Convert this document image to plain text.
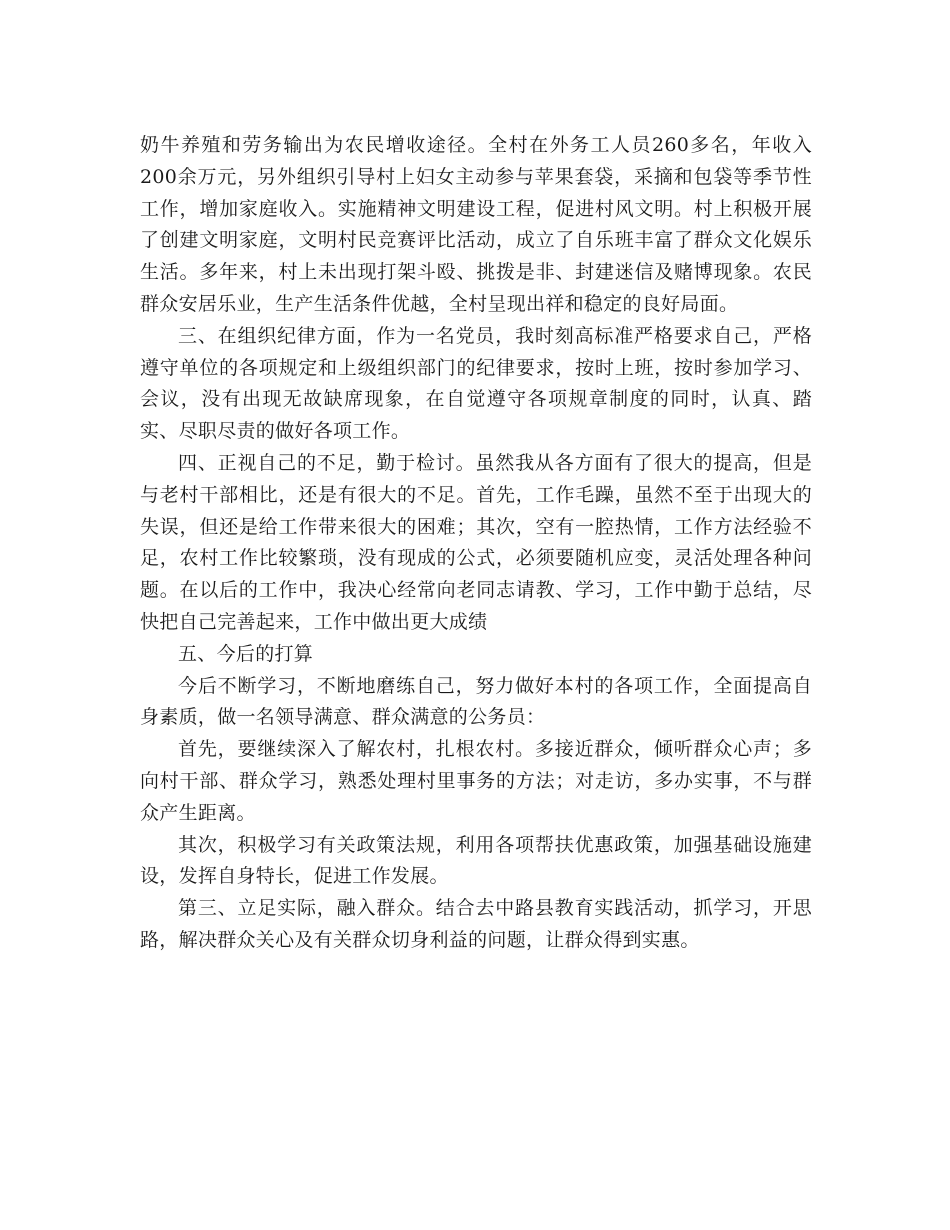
奶牛养殖和劳务输出为农民增收途径。全村在外务工人员260多名，年收入200余万元，另外组织引导村上妇女主动参与苹果套袋，采摘和包袋等季节性工作，增加家庭收入。实施精神文明建设工程，促进村风文明。村上积极开展了创建文明家庭，文明村民竞赛评比活动，成立了自乐班丰富了群众文化娱乐生活。多年来，村上未出现打架斗殴、挑拨是非、封建迷信及赌博现象。农民群众安居乐业，生产生活条件优越，全村呈现出祥和稳定的良好局面。

三、在组织纪律方面，作为一名党员，我时刻高标准严格要求自己，严格遵守单位的各项规定和上级组织部门的纪律要求，按时上班，按时参加学习、会议，没有出现无故缺席现象，在自觉遵守各项规章制度的同时，认真、踏实、尽职尽责的做好各项工作。

四、正视自己的不足，勤于检讨。虽然我从各方面有了很大的提高，但是与老村干部相比，还是有很大的不足。首先，工作毛躁，虽然不至于出现大的失误，但还是给工作带来很大的困难；其次，空有一腔热情，工作方法经验不足，农村工作比较繁琐，没有现成的公式，必须要随机应变，灵活处理各种问题。在以后的工作中，我决心经常向老同志请教、学习，工作中勤于总结，尽快把自己完善起来，工作中做出更大成绩

五、今后的打算

今后不断学习，不断地磨练自己，努力做好本村的各项工作，全面提高自身素质，做一名领导满意、群众满意的公务员：

首先，要继续深入了解农村，扎根农村。多接近群众，倾听群众心声；多向村干部、群众学习，熟悉处理村里事务的方法；对走访，多办实事，不与群众产生距离。

其次，积极学习有关政策法规，利用各项帮扶优惠政策，加强基础设施建设，发挥自身特长，促进工作发展。

第三、立足实际，融入群众。结合去中路县教育实践活动，抓学习，开思路，解决群众关心及有关群众切身利益的问题，让群众得到实惠。
